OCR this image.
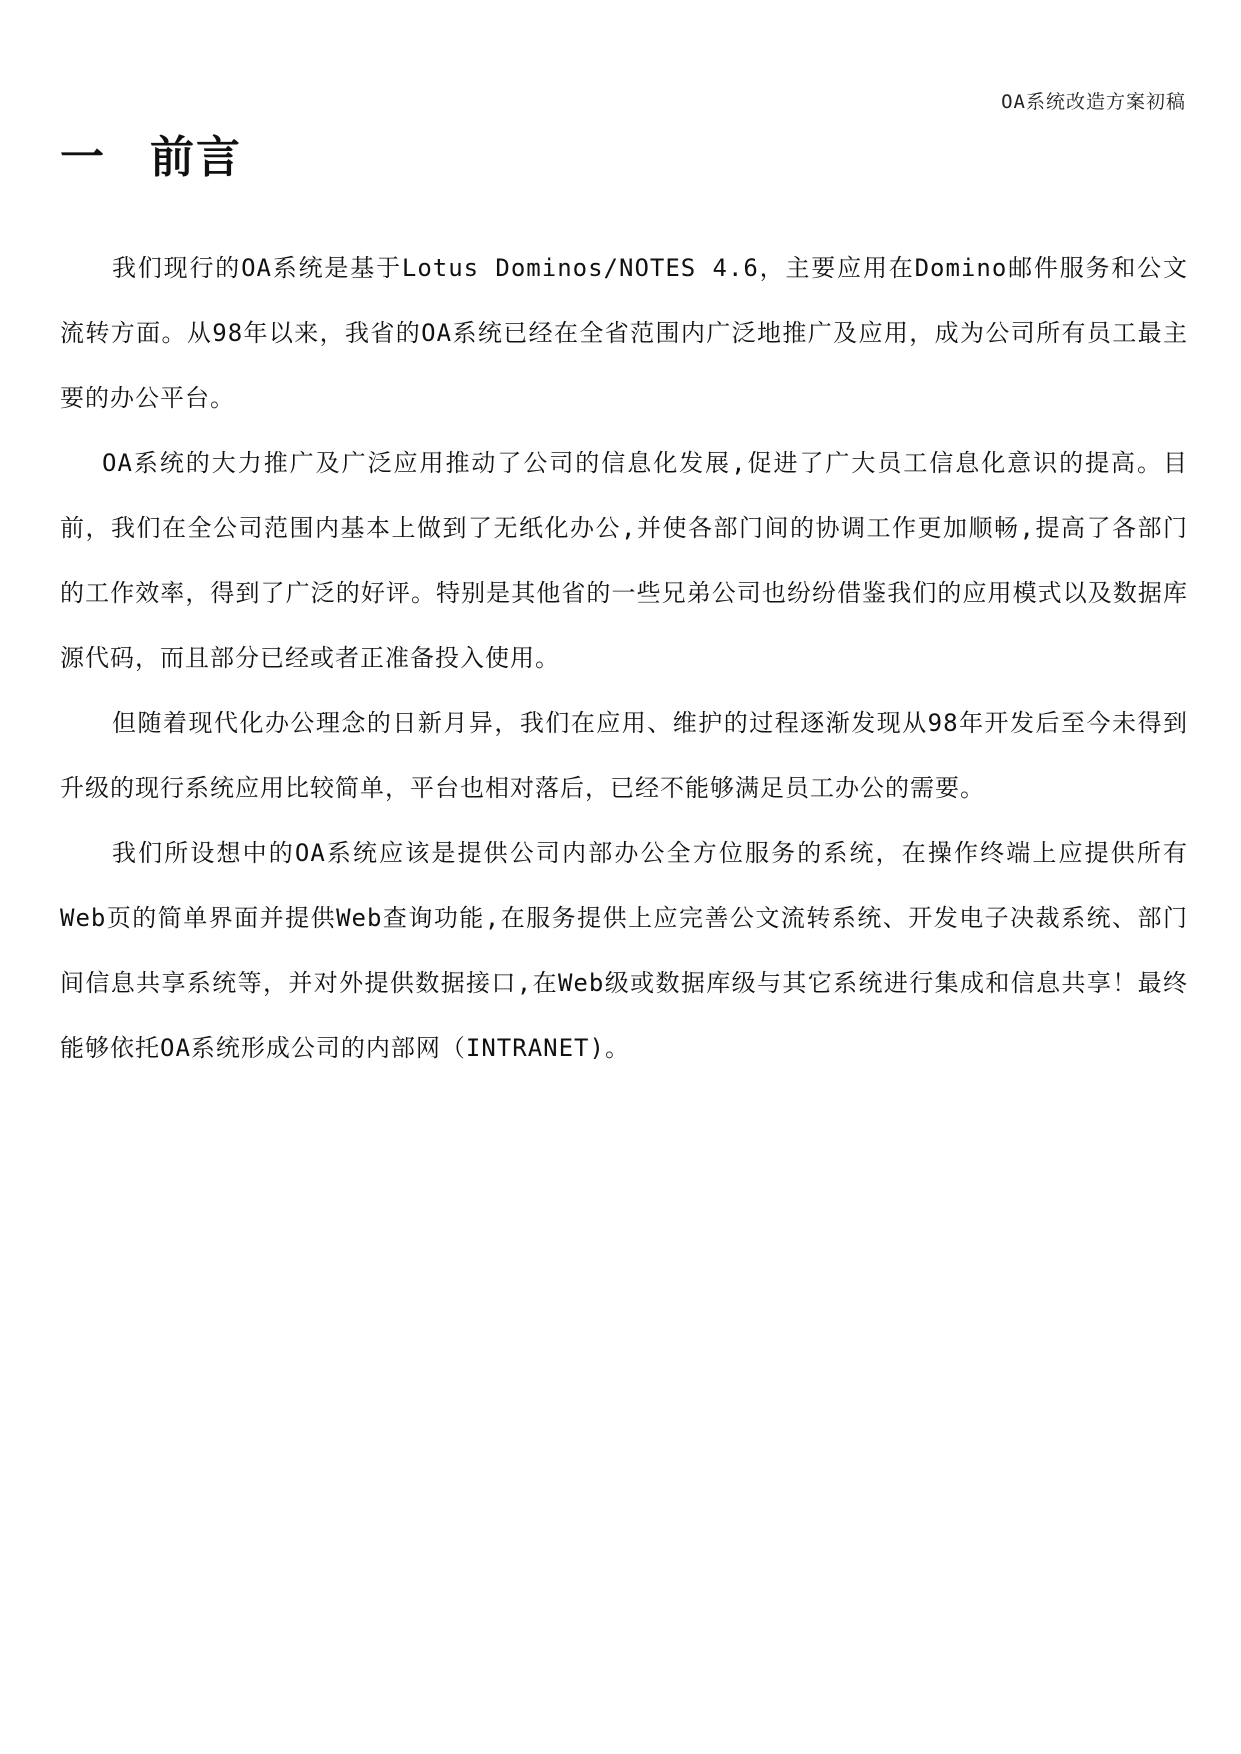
OA系统改造方案初稿
一 前言

我们现行的OA系统是基于Lotus Dominos/NOTES 4.6，主要应用在Domino邮件服务和公文流转方面。从98年以来，我省的OA系统已经在全省范围内广泛地推广及应用，成为公司所有员工最主要的办公平台。

OA系统的大力推广及广泛应用推动了公司的信息化发展,促进了广大员工信息化意识的提高。目前，我们在全公司范围内基本上做到了无纸化办公,并使各部门间的协调工作更加顺畅,提高了各部门的工作效率，得到了广泛的好评。特别是其他省的一些兄弟公司也纷纷借鉴我们的应用模式以及数据库源代码，而且部分已经或者正准备投入使用。

但随着现代化办公理念的日新月异，我们在应用、维护的过程逐渐发现从98年开发后至今未得到升级的现行系统应用比较简单，平台也相对落后，已经不能够满足员工办公的需要。

我们所设想中的OA系统应该是提供公司内部办公全方位服务的系统，在操作终端上应提供所有Web页的简单界面并提供Web查询功能,在服务提供上应完善公文流转系统、开发电子决裁系统、部门间信息共享系统等，并对外提供数据接口,在Web级或数据库级与其它系统进行集成和信息共享！最终能够依托OA系统形成公司的内部网（INTRANET)。
